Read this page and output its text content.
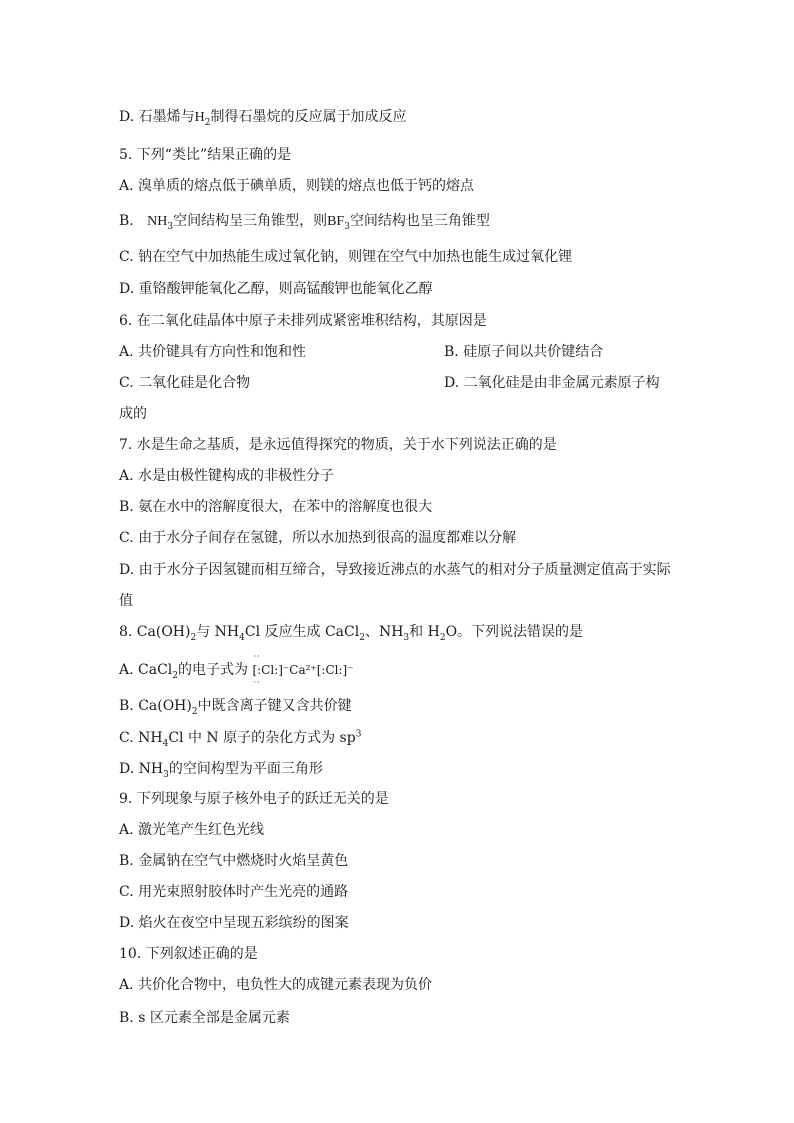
D. 石墨烯与$H_2$制得石墨烷的反应属于加成反应
5. 下列“类比”结果正确的是
A. 溴单质的熔点低于碘单质，则镁的熔点也低于钙的熔点
B. $NH_3$空间结构呈三角锥型，则$BF_3$空间结构也呈三角锥型
C. 钠在空气中加热能生成过氧化钠，则锂在空气中加热也能生成过氧化锂
D. 重铬酸钾能氧化乙醇，则高锰酸钾也能氧化乙醇
6. 在二氧化硅晶体中原子未排列成紧密堆积结构，其原因是
A. 共价键具有方向性和饱和性	B. 硅原子间以共价键结合
C. 二氧化硅是化合物	D. 二氧化硅是由非金属元素原子构
成的
7. 水是生命之基质，是永远值得探究的物质，关于水下列说法正确的是
A. 水是由极性键构成的非极性分子
B. 氨在水中的溶解度很大，在苯中的溶解度也很大
C. 由于水分子间存在氢键，所以水加热到很高的温度都难以分解
D. 由于水分子因氢键而相互缔合，导致接近沸点的水蒸气的相对分子质量测定值高于实际
值
8. $Ca(OH)_2$与 $NH_4Cl$ 反应生成 CaCl$_2$、$NH_3$和 $H_2O$。下列说法错误的是
A. CaCl$_2$的电子式为 ·· [:Cl:]⁻Ca²⁺[:Cl:]⁻ ··
B. $Ca(OH)_2$中既含离子键又含共价键
C. $NH_4Cl$ 中 N 原子的杂化方式为 $sp^3$
D. $NH_3$的空间构型为平面三角形
9. 下列现象与原子核外电子的跃迁无关的是
A. 激光笔产生红色光线
B. 金属钠在空气中燃烧时火焰呈黄色
C. 用光束照射胶体时产生光亮的通路
D. 焰火在夜空中呈现五彩缤纷的图案
10. 下列叙述正确的是
A. 共价化合物中，电负性大的成键元素表现为负价
B. s 区元素全部是金属元素
